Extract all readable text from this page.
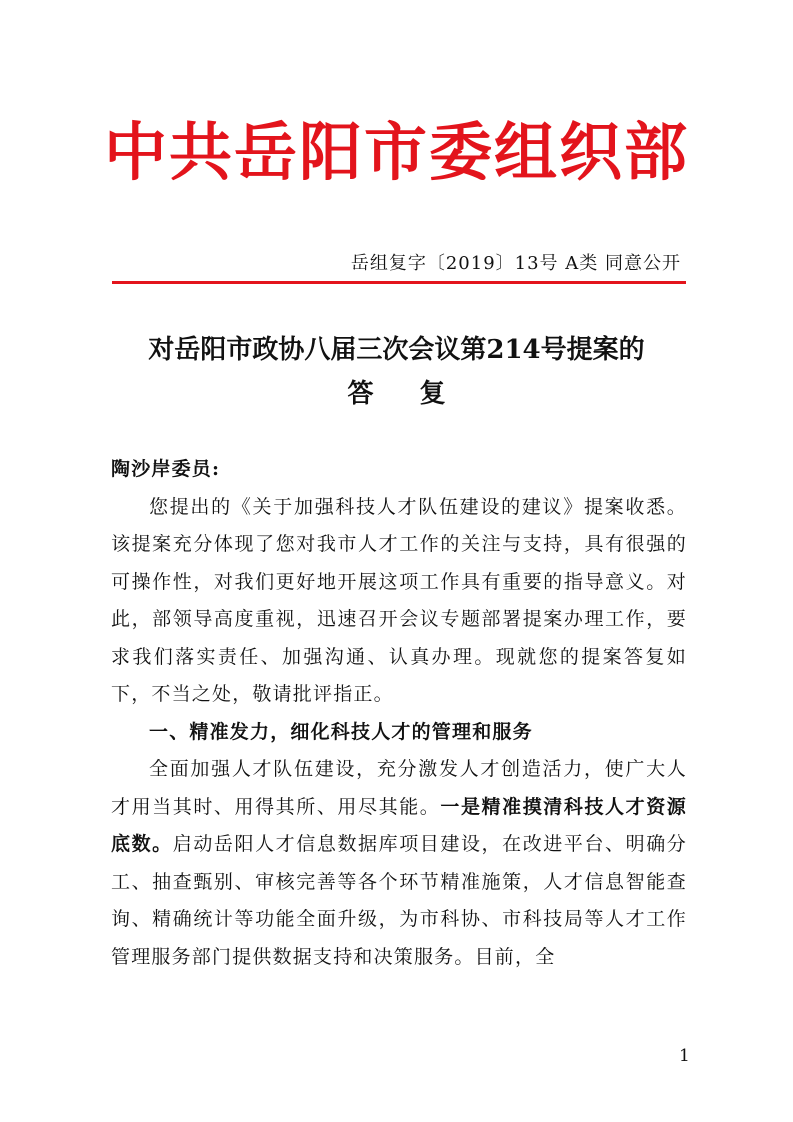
中共岳阳市委组织部
岳组复字〔2019〕13号 A类 同意公开
对岳阳市政协八届三次会议第214号提案的
答复

陶沙岸委员:

您提出的《关于加强科技人才队伍建设的建议》提案收悉。该提案充分体现了您对我市人才工作的关注与支持，具有很强的可操作性，对我们更好地开展这项工作具有重要的指导意义。对此，部领导高度重视，迅速召开会议专题部署提案办理工作，要求我们落实责任、加强沟通、认真办理。现就您的提案答复如下，不当之处，敬请批评指正。

一、精准发力，细化科技人才的管理和服务

全面加强人才队伍建设，充分激发人才创造活力，使广大人才用当其时、用得其所、用尽其能。一是精准摸清科技人才资源底数。启动岳阳人才信息数据库项目建设，在改进平台、明确分工、抽查甄别、审核完善等各个环节精准施策，人才信息智能查询、精确统计等功能全面升级，为市科协、市科技局等人才工作管理服务部门提供数据支持和决策服务。目前，全

1
